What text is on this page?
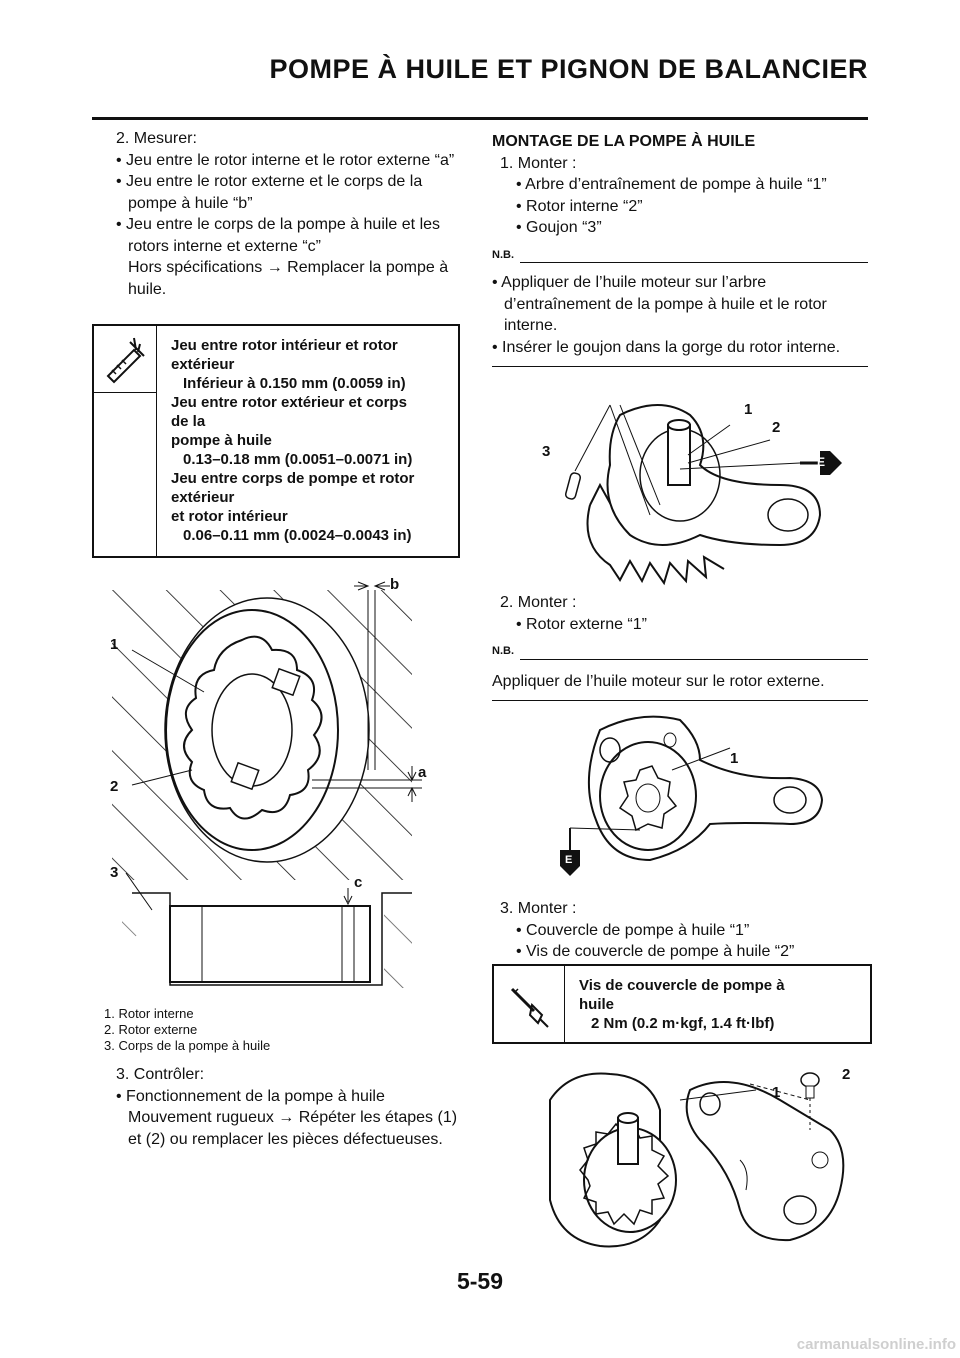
POMPE À HUILE ET PIGNON DE BALANCIER
2. Mesurer:
• Jeu entre le rotor interne et le rotor externe “a”
• Jeu entre le rotor externe et le corps de la pompe à huile “b”
• Jeu entre le corps de la pompe à huile et les rotors interne et externe “c”
Hors spécifications → Remplacer la pompe à huile.
Jeu entre rotor intérieur et rotor
extérieur
Inférieur à 0.150 mm (0.0059 in)
Jeu entre rotor extérieur et corps
de la
pompe à huile
0.13–0.18 mm (0.0051–0.0071 in)
Jeu entre corps de pompe et rotor
extérieur
et rotor intérieur
0.06–0.11 mm (0.0024–0.0043 in)
1
2
3
a
b
c
1. Rotor interne
2. Rotor externe
3. Corps de la pompe à huile
3. Contrôler:
• Fonctionnement de la pompe à huile
Mouvement rugueux → Répéter les étapes (1) et (2) ou remplacer les pièces défectueuses.
MONTAGE DE LA POMPE À HUILE
1. Monter :
• Arbre d’entraînement de pompe à huile “1”
• Rotor interne “2”
• Goujon “3”
N.B.
• Appliquer de l’huile moteur sur l’arbre d’entraînement de la pompe à huile et le rotor interne.
• Insérer le goujon dans la gorge du rotor interne.
1
2
3
E
2. Monter :
• Rotor externe “1”
N.B.
Appliquer de l’huile moteur sur le rotor externe.
1
E
3. Monter :
• Couvercle de pompe à huile “1”
• Vis de couvercle de pompe à huile “2”
Vis de couvercle de pompe à
huile
2 Nm (0.2 m·kgf, 1.4 ft·lbf)
1
2
5-59
carmanualsonline.info
